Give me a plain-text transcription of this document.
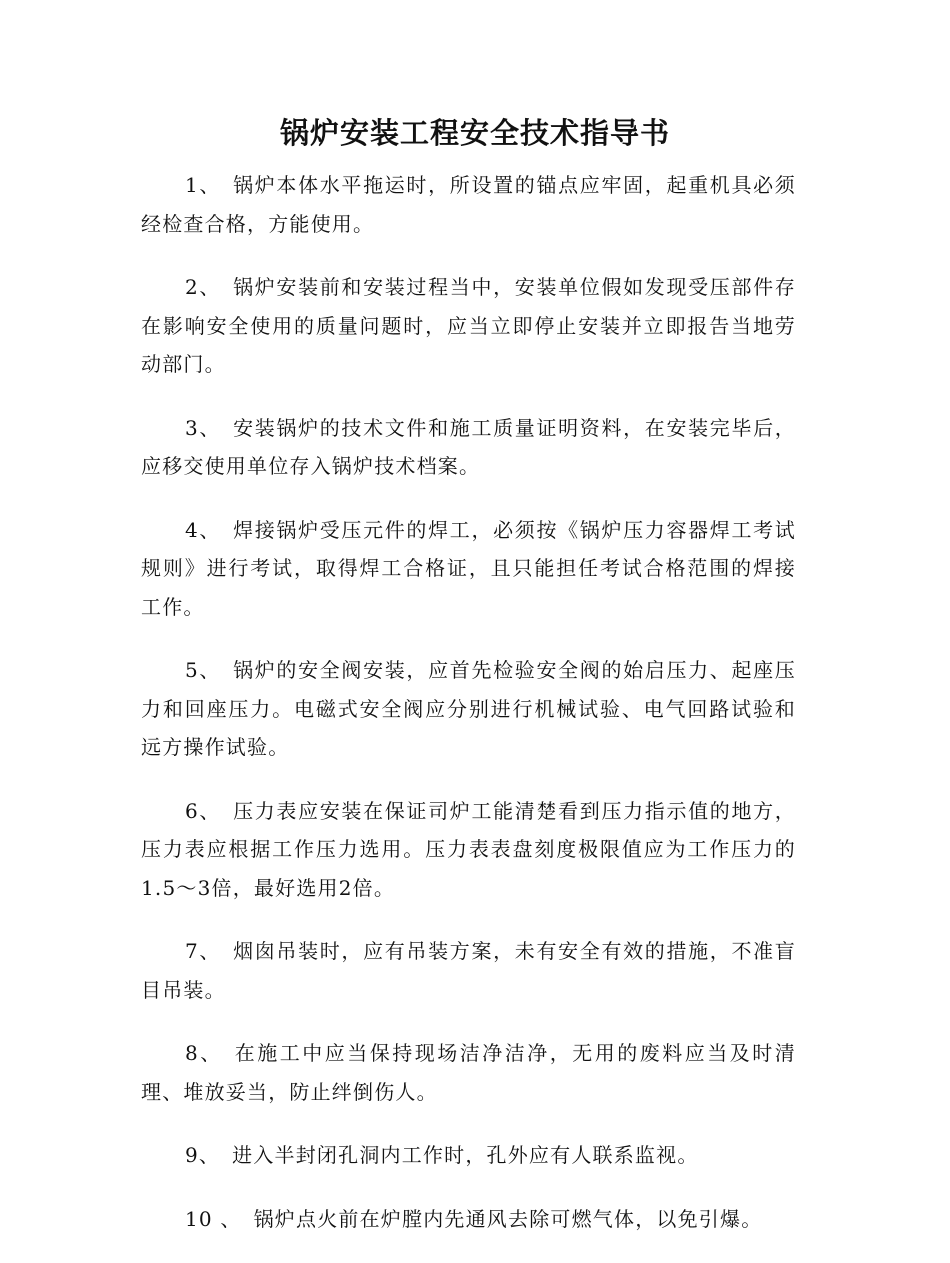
锅炉安装工程安全技术指导书

1、 锅炉本体水平拖运时，所设置的锚点应牢固，起重机具必须经检查合格，方能使用。

2、 锅炉安装前和安装过程当中，安装单位假如发现受压部件存在影响安全使用的质量问题时，应当立即停止安装并立即报告当地劳动部门。

3、 安装锅炉的技术文件和施工质量证明资料，在安装完毕后，应移交使用单位存入锅炉技术档案。

4、 焊接锅炉受压元件的焊工，必须按《锅炉压力容器焊工考试规则》进行考试，取得焊工合格证，且只能担任考试合格范围的焊接工作。

5、 锅炉的安全阀安装，应首先检验安全阀的始启压力、起座压力和回座压力。电磁式安全阀应分别进行机械试验、电气回路试验和远方操作试验。

6、 压力表应安装在保证司炉工能清楚看到压力指示值的地方，压力表应根据工作压力选用。压力表表盘刻度极限值应为工作压力的1.5～3倍，最好选用2倍。

7、 烟囱吊装时，应有吊装方案，未有安全有效的措施，不准盲目吊装。

8、 在施工中应当保持现场洁净洁净，无用的废料应当及时清理、堆放妥当，防止绊倒伤人。

9、 进入半封闭孔洞内工作时，孔外应有人联系监视。

10 、 锅炉点火前在炉膛内先通风去除可燃气体，以免引爆。
